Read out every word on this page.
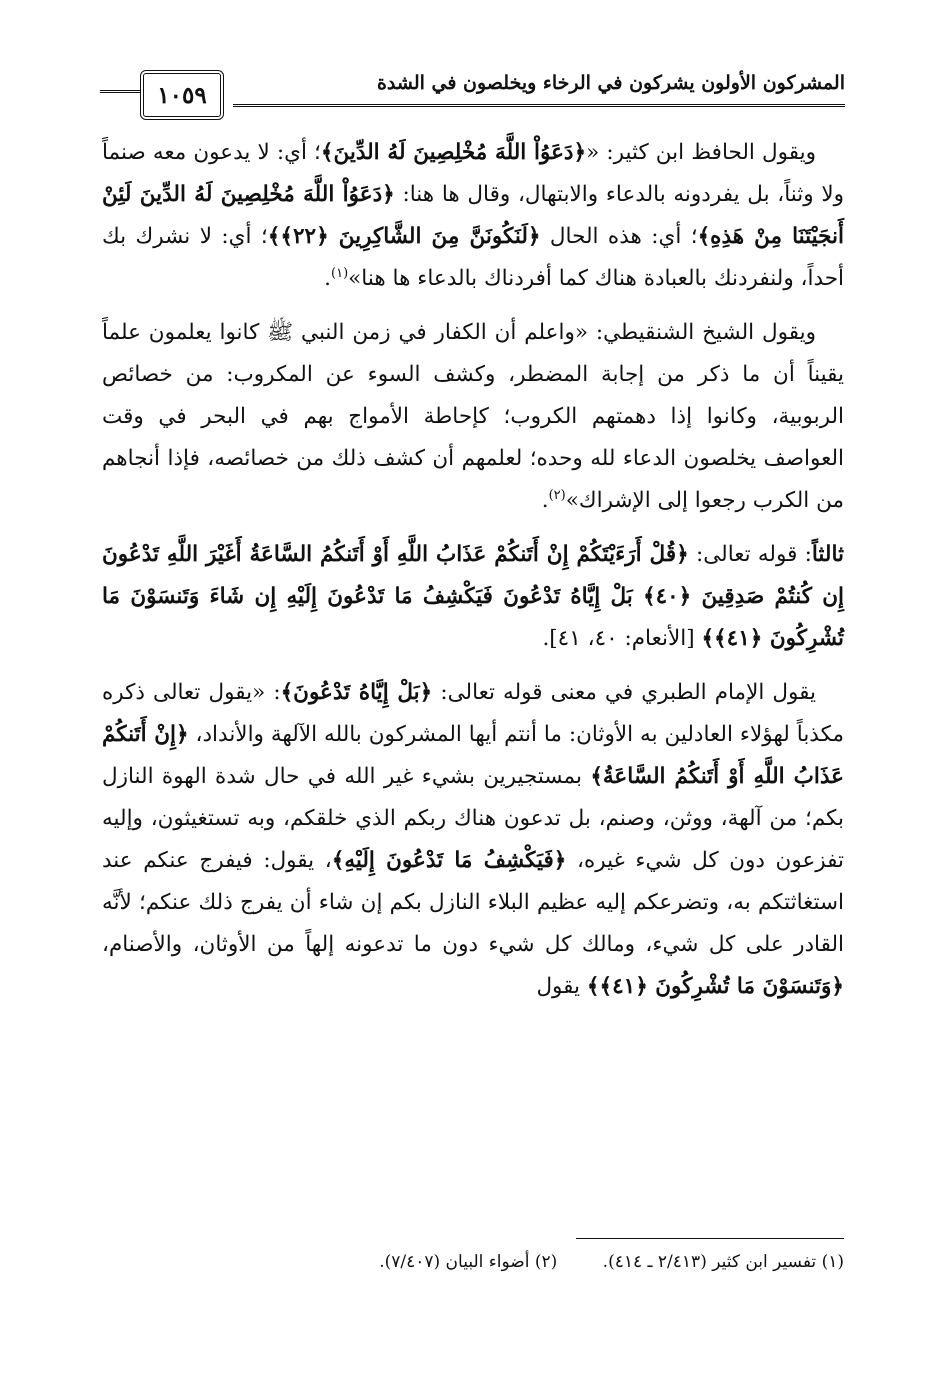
المشركون الأولون يشركون في الرخاء ويخلصون في الشدة
١٠٥٩

ويقول الحافظ ابن كثير: «﴿دَعَوُاْ اللَّهَ مُخْلِصِينَ لَهُ الدِّينَ﴾؛ أي: لا يدعون معه صنماً ولا وثناً، بل يفردونه بالدعاء والابتهال، وقال ها هنا: ﴿دَعَوُاْ اللَّهَ مُخْلِصِينَ لَهُ الدِّينَ لَئِنْ أَنجَيْتَنَا مِنْ هَذِهِ﴾؛ أي: هذه الحال ﴿لَنَكُونَنَّ مِنَ الشَّاكِرِينَ ﴿٢٢﴾﴾؛ أي: لا نشرك بك أحداً، ولنفردنك بالعبادة هناك كما أفردناك بالدعاء ها هنا»$^{(١)}$.

ويقول الشيخ الشنقيطي: «واعلم أن الكفار في زمن النبي ﷺ كانوا يعلمون علماً يقيناً أن ما ذكر من إجابة المضطر، وكشف السوء عن المكروب: من خصائص الربوبية، وكانوا إذا دهمتهم الكروب؛ كإحاطة الأمواج بهم في البحر في وقت العواصف يخلصون الدعاء لله وحده؛ لعلمهم أن كشف ذلك من خصائصه، فإذا أنجاهم من الكرب رجعوا إلى الإشراك»$^{(٢)}$.

ثالثاً: قوله تعالى: ﴿قُلْ أَرَءَيْتَكُمْ إِنْ أَتَنكُمْ عَذَابُ اللَّهِ أَوْ أَتَنكُمُ السَّاعَةُ أَغَيْرَ اللَّهِ تَدْعُونَ إِن كُنتُمْ صَدِقِينَ ﴿٤٠﴾ بَلْ إِيَّاهُ تَدْعُونَ فَيَكْشِفُ مَا تَدْعُونَ إِلَيْهِ إِن شَاءَ وَتَنسَوْنَ مَا تُشْرِكُونَ ﴿٤١﴾﴾ [الأنعام: ٤٠، ٤١].

يقول الإمام الطبري في معنى قوله تعالى: ﴿بَلْ إِيَّاهُ تَدْعُونَ﴾: «يقول تعالى ذكره مكذباً لهؤلاء العادلين به الأوثان: ما أنتم أيها المشركون بالله الآلهة والأنداد، ﴿إِنْ أَتَنكُمْ عَذَابُ اللَّهِ أَوْ أَتَنكُمُ السَّاعَةُ﴾ بمستجيرين بشيء غير الله في حال شدة الهوة النازل بكم؛ من آلهة، ووثن، وصنم، بل تدعون هناك ربكم الذي خلقكم، وبه تستغيثون، وإليه تفزعون دون كل شيء غيره، ﴿فَيَكْشِفُ مَا تَدْعُونَ إِلَيْهِ﴾، يقول: فيفرج عنكم عند استغاثتكم به، وتضرعكم إليه عظيم البلاء النازل بكم إن شاء أن يفرج ذلك عنكم؛ لأنَّه القادر على كل شيء، ومالك كل شيء دون ما تدعونه إلهاً من الأوثان، والأصنام، ﴿وَتَنسَوْنَ مَا تُشْرِكُونَ ﴿٤١﴾﴾ يقول

(١) تفسير ابن كثير (٢/٤١٣ ـ ٤١٤). (٢) أضواء البيان (٧/٤٠٧).
